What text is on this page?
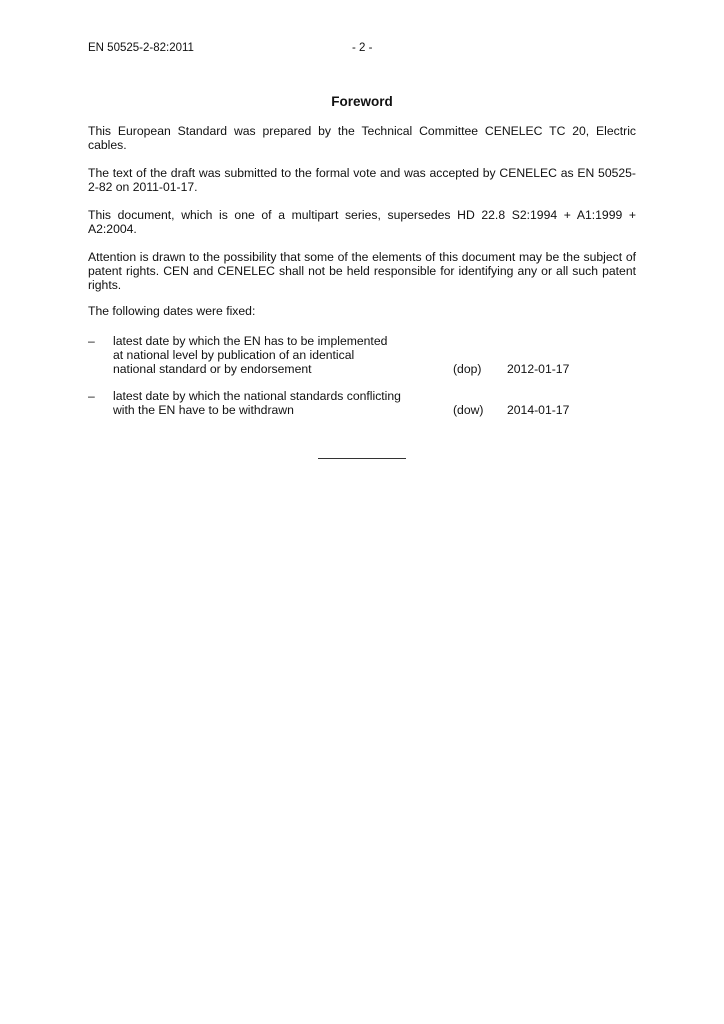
EN 50525-2-82:2011	- 2 -
Foreword

This European Standard was prepared by the Technical Committee CENELEC TC 20, Electric cables.

The text of the draft was submitted to the formal vote and was accepted by CENELEC as EN 50525-2-82 on 2011-01-17.

This document, which is one of a multipart series, supersedes HD 22.8 S2:1994 + A1:1999 + A2:2004.

Attention is drawn to the possibility that some of the elements of this document may be the subject of patent rights. CEN and CENELEC shall not be held responsible for identifying any or all such patent rights.

The following dates were fixed:

–	latest date by which the EN has to be implemented
at national level by publication of an identical
national standard or by endorsement	(dop)	2012-01-17
–	latest date by which the national standards conflicting
with the EN have to be withdrawn	(dow)	2014-01-17
